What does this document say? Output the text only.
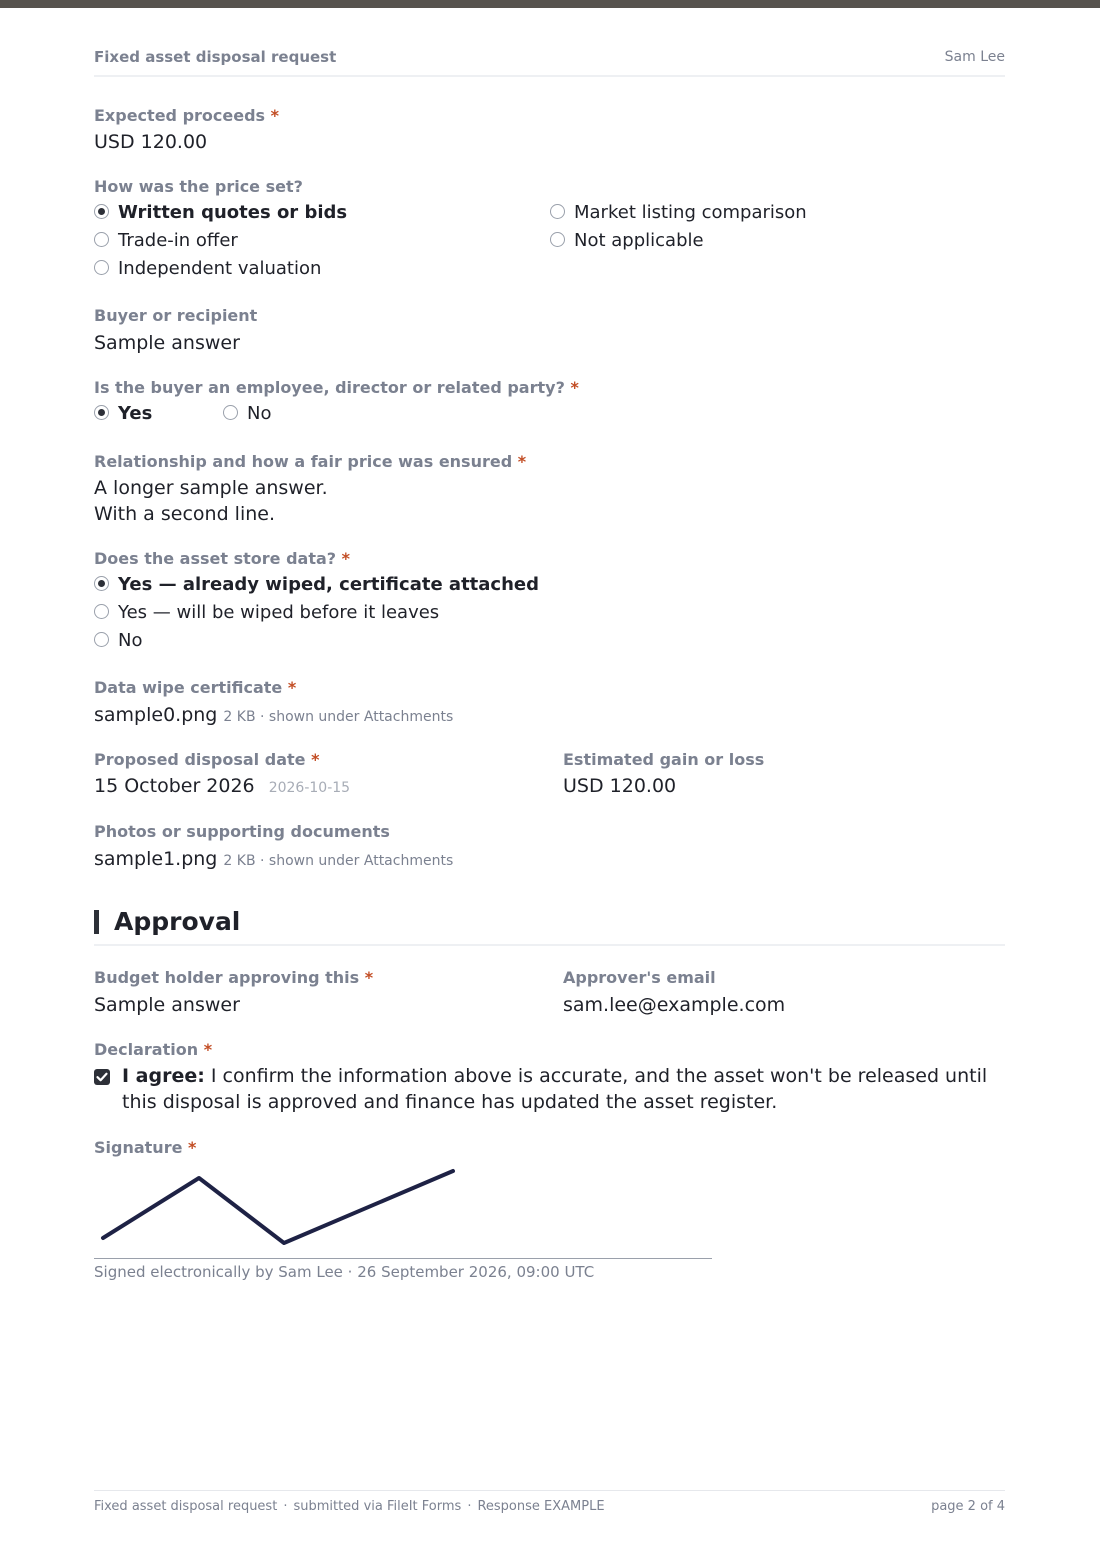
Fixed asset disposal request	Sam Lee
Expected proceeds *
USD 120.00
How was the price set?
Written quotes or bids
Trade-in offer
Independent valuation
Market listing comparison
Not applicable
Buyer or recipient
Sample answer
Is the buyer an employee, director or related party? *
Yes	No
Relationship and how a fair price was ensured *
A longer sample answer.
With a second line.
Does the asset store data? *
Yes — already wiped, certificate attached
Yes — will be wiped before it leaves
No
Data wipe certificate *
sample0.png 2 KB · shown under Attachments
Proposed disposal date *
15 October 2026 2026-10-15
Estimated gain or loss
USD 120.00
Photos or supporting documents
sample1.png 2 KB · shown under Attachments
Approval
Budget holder approving this *
Sample answer
Approver's email
sam.lee@example.com
Declaration *
I agree: I confirm the information above is accurate, and the asset won't be released until this disposal is approved and finance has updated the asset register.
Signature *
Signed electronically by Sam Lee · 26 September 2026, 09:00 UTC
Fixed asset disposal request · submitted via FileIt Forms · Response EXAMPLE	page 2 of 4
